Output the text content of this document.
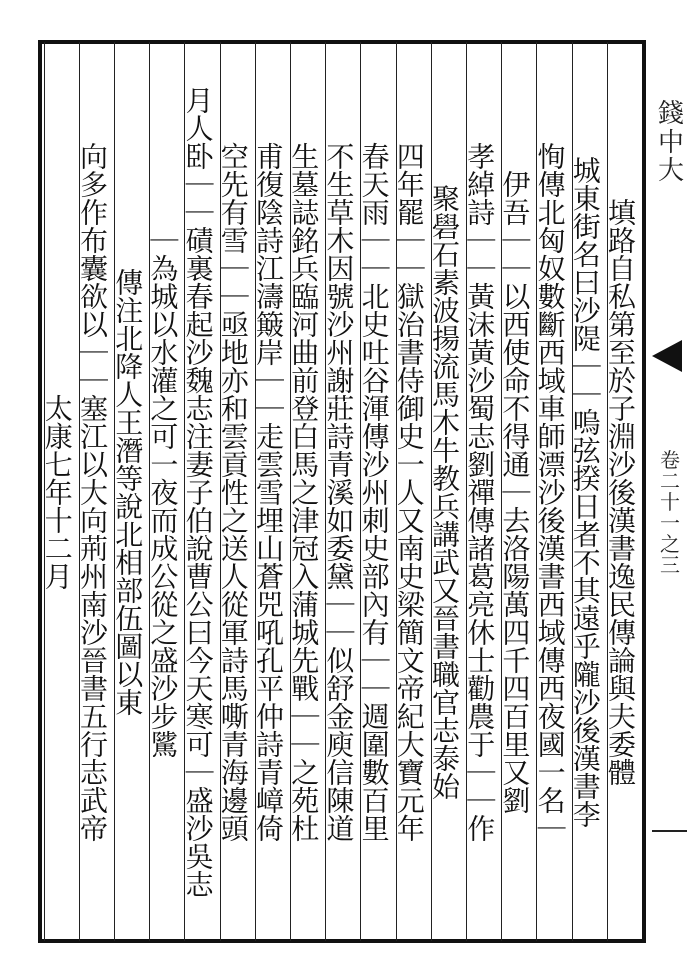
填路自私第至於子淵沙後漢書逸民傳論與夫委體
城東街名曰沙隄｜｜嗚弦揆日者不其遠乎隴沙後漢書李
恂傳北匈奴數斷西域車師漂沙後漢書西域傳西夜國一名｜
伊吾｜｜以西使命不得通｜去洛陽萬四千四百里又劉
孝綽詩｜｜黃沫黃沙蜀志劉禪傳諸葛亮休士勸農于｜｜作
聚礐石素波揚流馬木牛教兵講武又晉書職官志泰始
四年罷｜｜獄治書侍御史一人又南史梁簡文帝紀大寶元年
春天雨｜｜北史吐谷渾傳沙州刺史部內有｜｜週圍數百里
不生草木因號沙州謝莊詩青溪如委黛｜｜似舒金庾信陳道
生墓誌銘兵臨河曲前登白馬之津冠入蒲城先戰｜｜之苑杜
甫復陰詩江濤簸岸｜｜走雲雪埋山蒼兕吼孔平仲詩青嶂倚
空先有雪｜｜亟地亦和雲貢性之送人從軍詩馬嘶青海邊頭
月人卧｜｜磧裏春起沙魏志注妻子伯說曹公曰今天寒可｜盛沙吳志
｜為城以水灌之可一夜而成公從之盛沙步騭
傳注北降人王潛等說北相部伍圖以東
向多作布囊欲以｜｜塞江以大向荊州南沙晉書五行志武帝
太康七年十二月
錢中大
卷二十一之三
